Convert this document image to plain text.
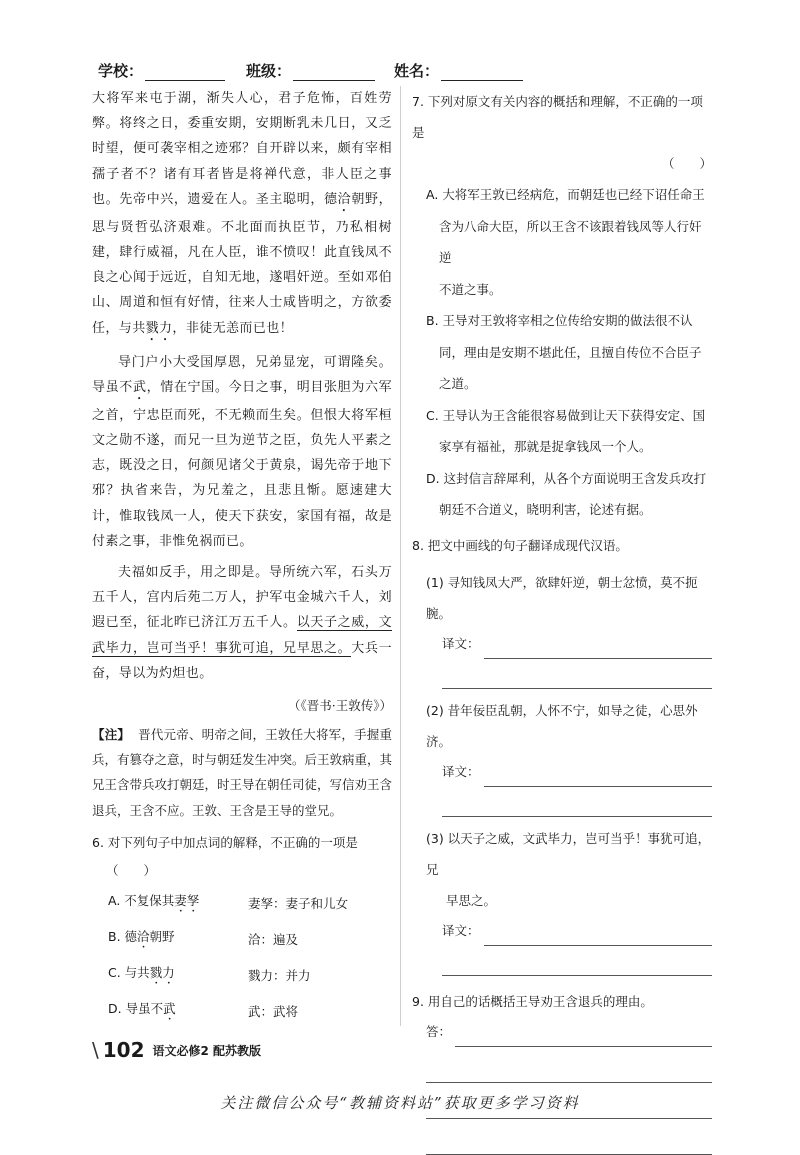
学校：	班级：	姓名：

大将军来屯于湖，渐失人心，君子危怖，百姓劳弊。将终之日，委重安期，安期断乳未几日，又乏时望，便可袭宰相之迹邪？自开辟以来，颇有宰相孺子者不？诸有耳者皆是将禅代意，非人臣之事也。先帝中兴，遗爱在人。圣主聪明，德洽朝野，思与贤哲弘济艰难。不北面而执臣节，乃私相树建，肆行威福，凡在人臣，谁不愤叹！此直钱凤不良之心闻于远近，自知无地，遂唱奸逆。至如邓伯山、周道和恒有好情，往来人士咸皆明之，方欲委任，与共戮力，非徒无恙而已也！

导门户小大受国厚恩，兄弟显宠，可谓隆矣。导虽不武，情在宁国。今日之事，明目张胆为六军之首，宁忠臣而死，不无赖而生矣。但恨大将军桓文之勋不遂，而兄一旦为逆节之臣，负先人平素之志，既没之日，何颜见诸父于黄泉，谒先帝于地下邪？执省来告，为兄羞之，且悲且惭。愿速建大计，惟取钱凤一人，使天下获安，家国有福，故是付素之事，非惟免祸而已。

夫福如反手，用之即是。导所统六军，石头万五千人，宫内后苑二万人，护军屯金城六千人，刘遐已至，征北昨已济江万五千人。以天子之威，文武毕力，岂可当乎！事犹可追，兄早思之。大兵一奋，导以为灼炟也。

（《晋书·王敦传》）
【注】 晋代元帝、明帝之间，王敦任大将军，手握重兵，有篡夺之意，时与朝廷发生冲突。后王敦病重，其兄王含带兵攻打朝廷，时王导在朝任司徒，写信劝王含退兵，王含不应。王敦、王含是王导的堂兄。
6. 对下列句子中加点词的解释，不正确的一项是（　　）
A. 不复保其妻孥	妻孥：妻子和儿女
B. 德洽朝野	洽：遍及
C. 与共戮力	戮力：并力
D. 导虽不武	武：武将
7. 下列对原文有关内容的概括和理解，不正确的一项是
（　　）
A. 大将军王敦已经病危，而朝廷也已经下诏任命王
含为八命大臣，所以王含不该跟着钱凤等人行奸逆
不道之事。
B. 王导对王敦将宰相之位传给安期的做法很不认
同，理由是安期不堪此任，且擅自传位不合臣子
之道。
C. 王导认为王含能很容易做到让天下获得安定、国
家享有福祉，那就是捉拿钱凤一个人。
D. 这封信言辞犀利，从各个方面说明王含发兵攻打
朝廷不合道义，晓明利害，论述有据。
8. 把文中画线的句子翻译成现代汉语。
(1) 寻知钱凤大严，欲肆奸逆，朝士忿愤，莫不扼腕。
译文：
(2) 昔年佞臣乱朝，人怀不宁，如导之徒，心思外济。
译文：
(3) 以天子之威，文武毕力，岂可当乎！事犹可追，兄
早思之。
译文：
9. 用自己的话概括王导劝王含退兵的理由。
答：
\ 102 语文必修2 配苏教版
关注微信公众号“教辅资料站”获取更多学习资料
